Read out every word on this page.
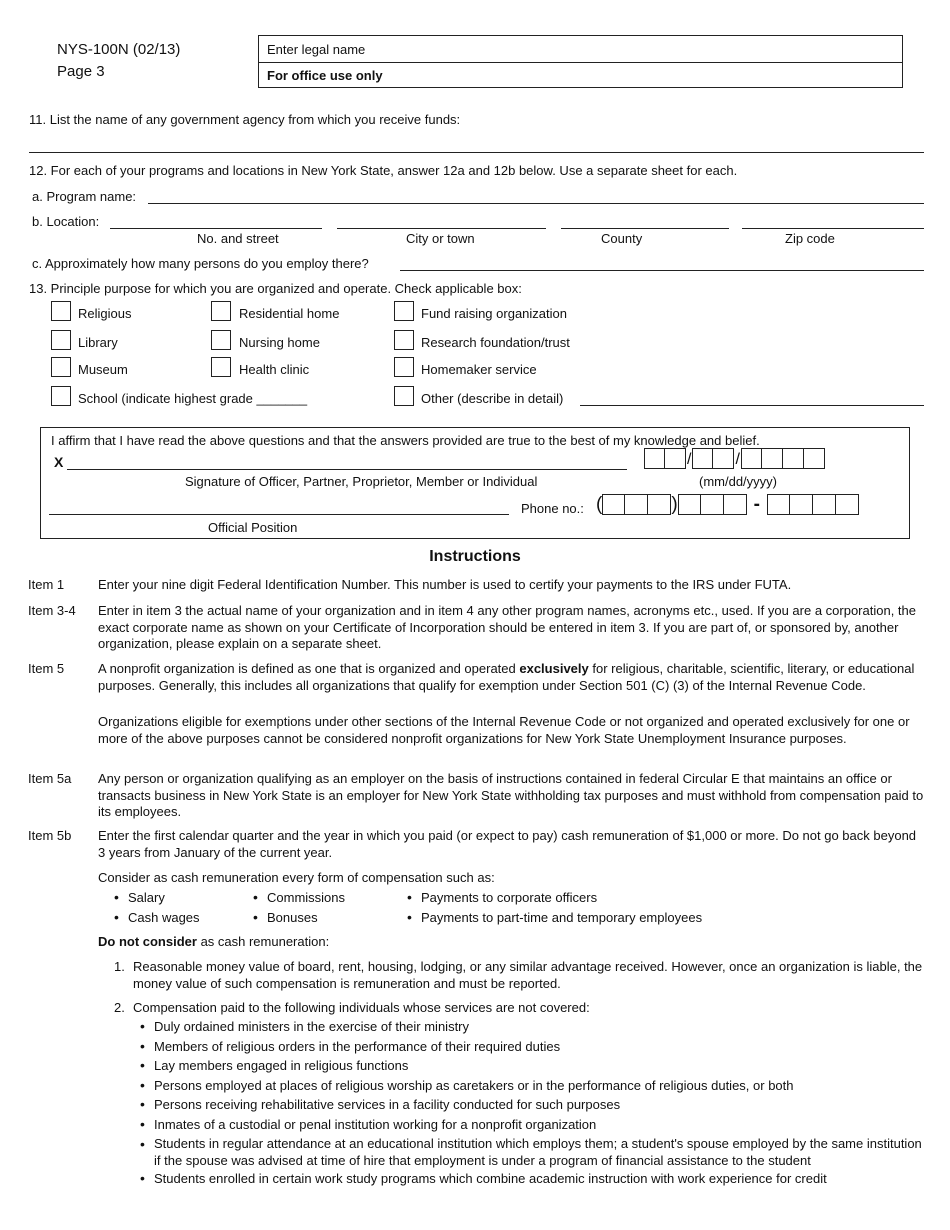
NYS-100N (02/13)
Page 3
Enter legal name
For office use only
11. List the name of any government agency from which you receive funds:
12. For each of your programs and locations in New York State, answer 12a and 12b below. Use a separate sheet for each.
a. Program name:
b. Location:
No. and street	City or town	County	Zip code
c. Approximately how many persons do you employ there?
13. Principle purpose for which you are organized and operate. Check applicable box:
Religious
Library
Museum
School (indicate highest grade _______
Residential home
Nursing home
Health clinic
Fund raising organization
Research foundation/trust
Homemaker service
Other (describe in detail)
I affirm that I have read the above questions and that the answers provided are true to the best of my knowledge and belief.
X
Signature of Officer, Partner, Proprietor, Member or Individual
/	/
(mm/dd/yyyy)
Official Position
Phone no.: (	)	-
Instructions
Item 1	Enter your nine digit Federal Identification Number. This number is used to certify your payments to the IRS under FUTA.
Item 3-4 Enter in item 3 the actual name of your organization and in item 4 any other program names, acronyms etc., used. If you are a corporation, the exact corporate name as shown on your Certificate of Incorporation should be entered in item 3. If you are part of, or sponsored by, another organization, please explain on a separate sheet.
Item 5	A nonprofit organization is defined as one that is organized and operated exclusively for religious, charitable, scientific, literary, or educational purposes. Generally, this includes all organizations that qualify for exemption under Section 501 (C) (3) of the Internal Revenue Code.
Organizations eligible for exemptions under other sections of the Internal Revenue Code or not organized and operated exclusively for one or more of the above purposes cannot be considered nonprofit organizations for New York State Unemployment Insurance purposes.
Item 5a Any person or organization qualifying as an employer on the basis of instructions contained in federal Circular E that maintains an office or transacts business in New York State is an employer for New York State withholding tax purposes and must withhold from compensation paid to its employees.
Item 5b Enter the first calendar quarter and the year in which you paid (or expect to pay) cash remuneration of $1,000 or more. Do not go back beyond 3 years from January of the current year.
Consider as cash remuneration every form of compensation such as:
• Salary
• Cash wages
• Commissions
• Bonuses
• Payments to corporate officers
• Payments to part-time and temporary employees
Do not consider as cash remuneration:
1. Reasonable money value of board, rent, housing, lodging, or any similar advantage received. However, once an organization is liable, the money value of such compensation is remuneration and must be reported.
2. Compensation paid to the following individuals whose services are not covered:
• Duly ordained ministers in the exercise of their ministry
• Members of religious orders in the performance of their required duties
• Lay members engaged in religious functions
• Persons employed at places of religious worship as caretakers or in the performance of religious duties, or both
• Persons receiving rehabilitative services in a facility conducted for such purposes
• Inmates of a custodial or penal institution working for a nonprofit organization
• Students in regular attendance at an educational institution which employs them; a student's spouse employed by the same institution if the spouse was advised at time of hire that employment is under a program of financial assistance to the student
• Students enrolled in certain work study programs which combine academic instruction with work experience for credit
